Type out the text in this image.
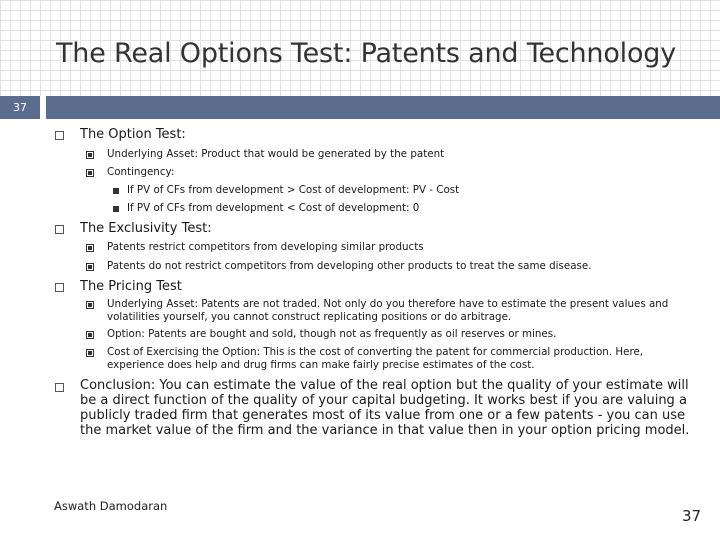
The Real Options Test: Patents and Technology
37
The Option Test:
Underlying Asset: Product that would be generated by the patent
Contingency:
If PV of CFs from development > Cost of development: PV - Cost
If PV of CFs from development < Cost of development: 0
The Exclusivity Test:
Patents restrict competitors from developing similar products
Patents do not restrict competitors from developing other products to treat the same disease.
The Pricing Test
Underlying Asset: Patents are not traded. Not only do you therefore have to estimate the present values and volatilities yourself, you cannot construct replicating positions or do arbitrage.
Option: Patents are bought and sold, though not as frequently as oil reserves or mines.
Cost of Exercising the Option: This is the cost of converting the patent for commercial production. Here, experience does help and drug firms can make fairly precise estimates of the cost.
Conclusion: You can estimate the value of the real option but the quality of your estimate will be a direct function of the quality of your capital budgeting. It works best if you are valuing a publicly traded firm that generates most of its value from one or a few patents - you can use the market value of the firm and the variance in that value then in your option pricing model.
Aswath Damodaran
37
